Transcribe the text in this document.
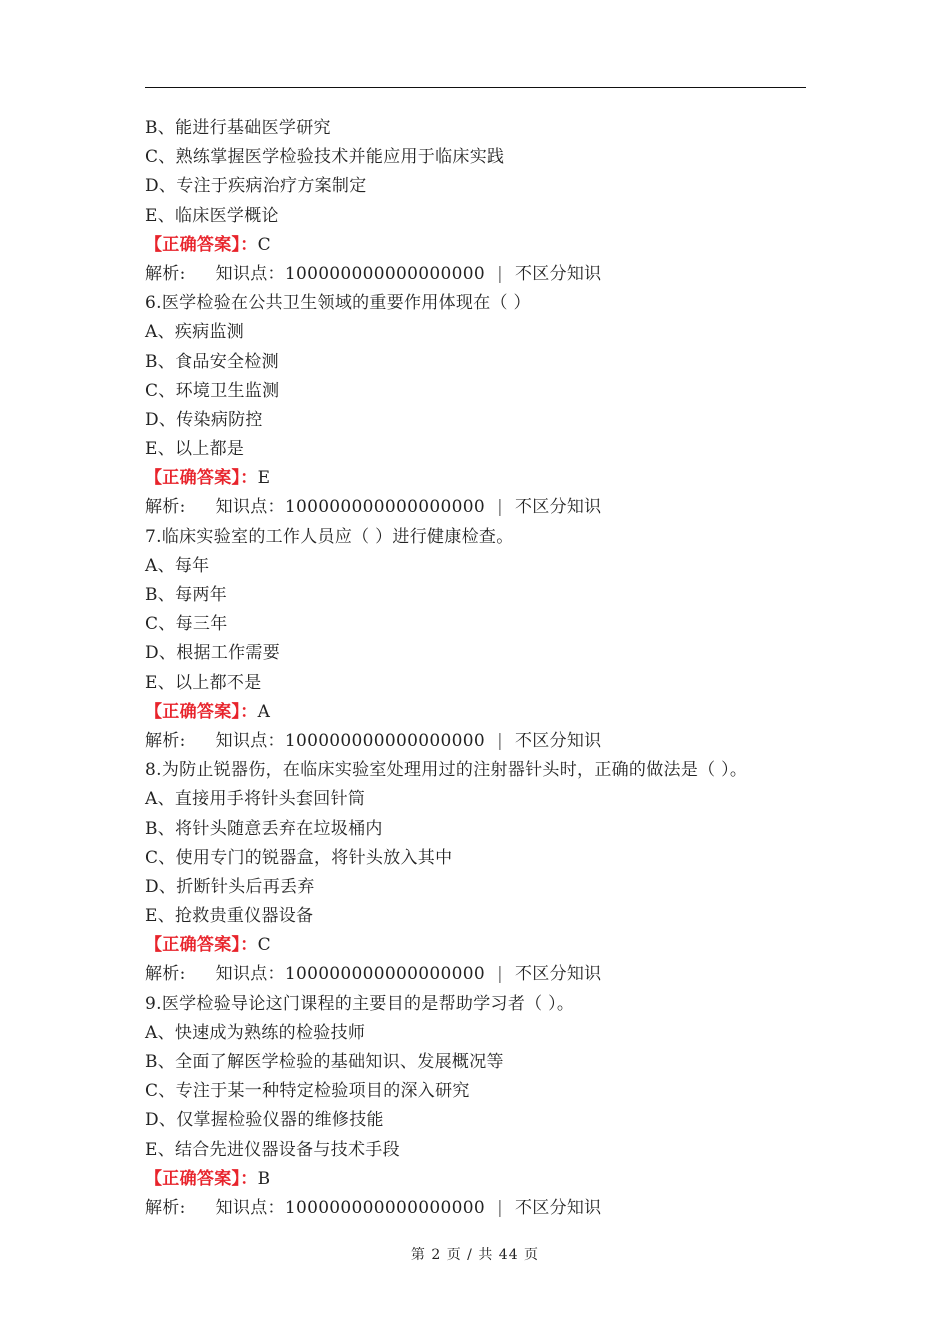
B、能进行基础医学研究
C、熟练掌握医学检验技术并能应用于临床实践
D、专注于疾病治疗方案制定
E、临床医学概论
【正确答案】：C
解析: 知识点：100000000000000000 | 不区分知识
6.医学检验在公共卫生领域的重要作用体现在（ ）
A、疾病监测
B、食品安全检测
C、环境卫生监测
D、传染病防控
E、以上都是
【正确答案】：E
解析: 知识点：100000000000000000 | 不区分知识
7.临床实验室的工作人员应（ ）进行健康检查。
A、每年
B、每两年
C、每三年
D、根据工作需要
E、以上都不是
【正确答案】：A
解析: 知识点：100000000000000000 | 不区分知识
8.为防止锐器伤，在临床实验室处理用过的注射器针头时，正确的做法是（ ）。
A、直接用手将针头套回针筒
B、将针头随意丢弃在垃圾桶内
C、使用专门的锐器盒，将针头放入其中
D、折断针头后再丢弃
E、抢救贵重仪器设备
【正确答案】：C
解析: 知识点：100000000000000000 | 不区分知识
9.医学检验导论这门课程的主要目的是帮助学习者（ ）。
A、快速成为熟练的检验技师
B、全面了解医学检验的基础知识、发展概况等
C、专注于某一种特定检验项目的深入研究
D、仅掌握检验仪器的维修技能
E、结合先进仪器设备与技术手段
【正确答案】：B
解析: 知识点：100000000000000000 | 不区分知识
第 2 页 / 共 44 页
